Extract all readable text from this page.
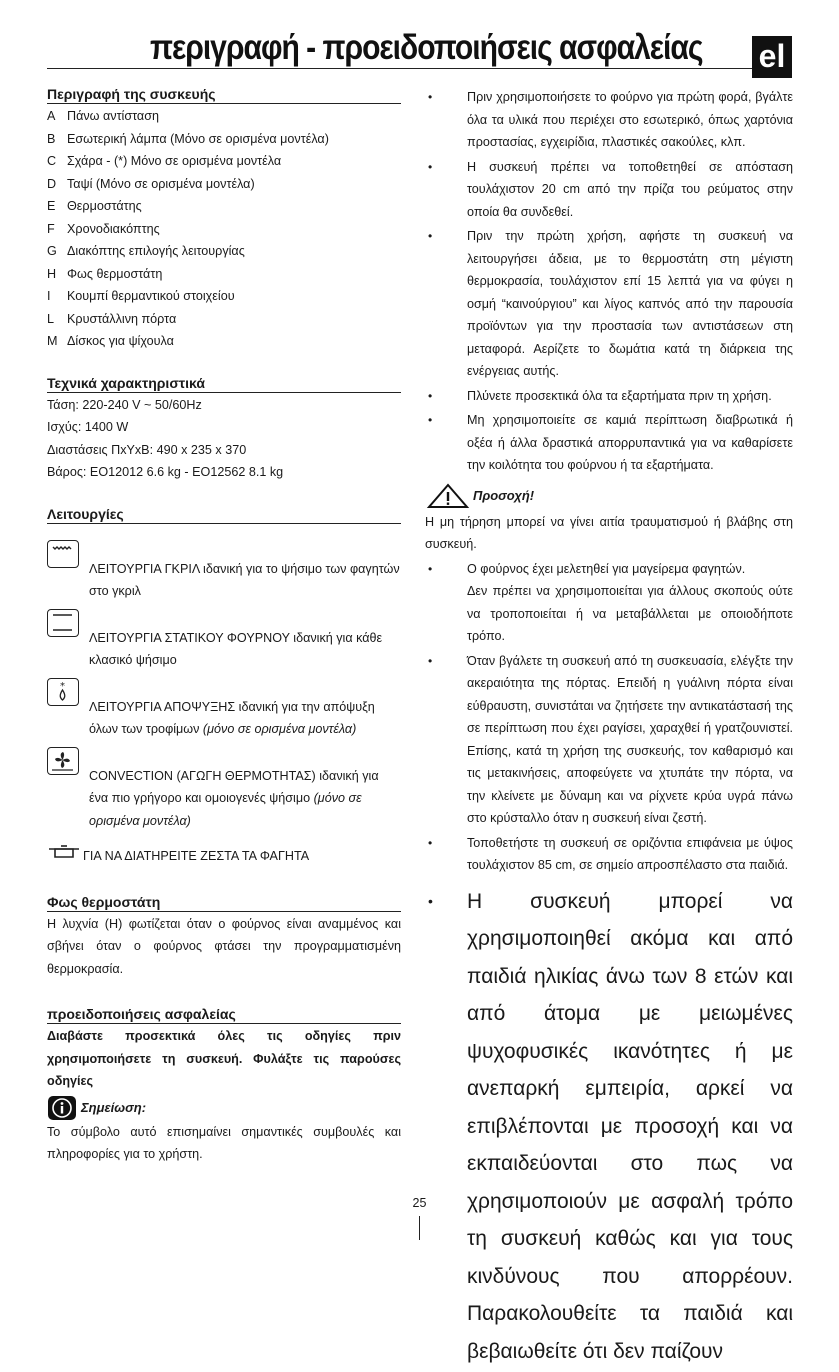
περιγραφή - προειδοποιήσεις ασφαλείας el
Περιγραφή της συσκευής
A Πάνω αντίσταση
B Εσωτερική λάμπα (Μόνο σε ορισμένα μοντέλα)
C Σχάρα - (*) Μόνο σε ορισμένα μοντέλα
D Ταψί (Μόνο σε ορισμένα μοντέλα)
E Θερμοστάτης
F Χρονοδιακόπτης
G Διακόπτης επιλογής λειτουργίας
H Φως θερμοστάτη
I Κουμπί θερμαντικού στοιχείου
L Κρυστάλλινη πόρτα
M Δίσκος για ψίχουλα
Τεχνικά χαρακτηριστικά
Τάση: 220-240 V ~ 50/60Hz
Ισχύς: 1400 W
Διαστάσεις ΠxΥxΒ: 490 x 235 x 370
Βάρος: EO12012 6.6 kg - EO12562 8.1 kg
Λειτουργίες
ΛΕΙΤΟΥΡΓΙΑ ΓΚΡΙΛ ιδανική για το ψήσιμο των φαγητών στο γκριλ
ΛΕΙΤΟΥΡΓΙΑ ΣΤΑΤΙΚΟΥ ΦΟΥΡΝΟΥ ιδανική για κάθε κλασικό ψήσιμο
*
ΛΕΙΤΟΥΡΓΙΑ ΑΠΟΨΥΞΗΣ ιδανική για την απόψυξη όλων των τροφίμων (μόνο σε ορισμένα μοντέλα)
CONVECTION (ΑΓΩΓΗ ΘΕΡΜΟΤΗΤΑΣ) ιδανική για ένα πιο γρήγορο και ομοιογενές ψήσιμο (μόνο σε ορισμένα μοντέλα)
ΓΙΑ ΝΑ ΔΙΑΤΗΡΕΙΤΕ ΖΕΣΤΑ ΤΑ ΦΑΓΗΤΑ
Φως θερμοστάτη
Η λυχνία (H) φωτίζεται όταν ο φούρνος είναι αναμμένος και σβήνει όταν ο φούρνος φτάσει την προγραμματισμένη θερμοκρασία.
προειδοποιήσεις ασφαλείας
Διαβάστε προσεκτικά όλες τις οδηγίες πριν χρησιμοποιήσετε τη συσκευή. Φυλάξτε τις παρούσες οδηγίες
Σημείωση:
Το σύμβολο αυτό επισημαίνει σημαντικές συμβουλές και πληροφορίες για το χρήστη.
• Πριν χρησιμοποιήσετε το φούρνο για πρώτη φορά, βγάλτε όλα τα υλικά που περιέχει στο εσωτερικό, όπως χαρτόνια προστασίας, εγχειρίδια, πλαστικές σακούλες, κλπ.
• Η συσκευή πρέπει να τοποθετηθεί σε απόσταση τουλάχιστον 20 cm από την πρίζα του ρεύματος στην οποία θα συνδεθεί.
• Πριν την πρώτη χρήση, αφήστε τη συσκευή να λειτουργήσει άδεια, με το θερμοστάτη στη μέγιστη θερμοκρασία, τουλάχιστον επί 15 λεπτά για να φύγει η οσμή “καινούργιου” και λίγος καπνός από την παρουσία προϊόντων για την προστασία των αντιστάσεων στη μεταφορά. Αερίζετε το δωμάτια κατά τη διάρκεια της ενέργειας αυτής.
• Πλύνετε προσεκτικά όλα τα εξαρτήματα πριν τη χρήση.
• Μη χρησιμοποιείτε σε καμιά περίπτωση διαβρωτικά ή οξέα ή άλλα δραστικά απορρυπαντικά για να καθαρίσετε την κοιλότητα του φούρνου ή τα εξαρτήματα.
Προσοχή!
Η μη τήρηση μπορεί να γίνει αιτία τραυματισμού ή βλάβης στη συσκευή.
• Ο φούρνος έχει μελετηθεί για μαγείρεμα φαγητών.
Δεν πρέπει να χρησιμοποιείται για άλλους σκοπούς ούτε να τροποποιείται ή να μεταβάλλεται με οποιοδήποτε τρόπο.
• Όταν βγάλετε τη συσκευή από τη συσκευασία, ελέγξτε την ακεραιότητα της πόρτας. Επειδή η γυάλινη πόρτα είναι εύθραυστη, συνιστάται να ζητήσετε την αντικατάστασή της σε περίπτωση που έχει ραγίσει, χαραχθεί ή γρατζουνιστεί. Επίσης, κατά τη χρήση της συσκευής, τον καθαρισμό και τις μετακινήσεις, αποφεύγετε να χτυπάτε την πόρτα, να την κλείνετε με δύναμη και να ρίχνετε κρύα υγρά πάνω στο κρύσταλλο όταν η συσκευή είναι ζεστή.
• Τοποθετήστε τη συσκευή σε οριζόντια επιφάνεια με ύψος τουλάχιστον 85 cm, σε σημείο απροσπέλαστο στα παιδιά.
• Η συσκευή μπορεί να χρησιμοποιηθεί ακόμα και από παιδιά ηλικίας άνω των 8 ετών και από άτομα με μειωμένες ψυχοφυσικές ικανότητες ή με ανεπαρκή εμπειρία, αρκεί να επιβλέπονται με προσοχή και να εκπαιδεύονται στο πως να χρησιμοποιούν με ασφαλή τρόπο τη συσκευή καθώς και για τους κινδύνους που απορρέουν. Παρακολουθείτε τα παιδιά και βεβαιωθείτε ότι δεν παίζουν
25
